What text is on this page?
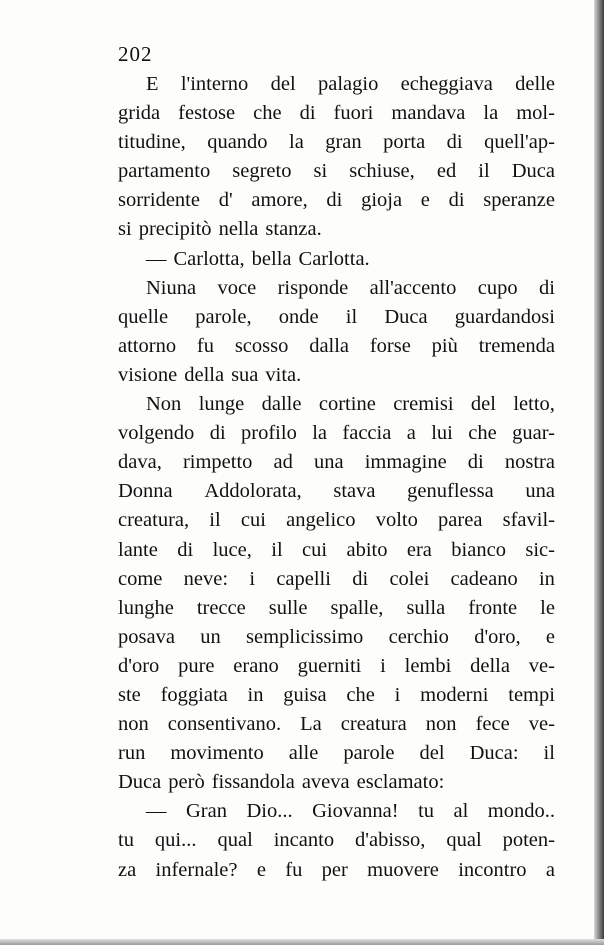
202
E l'interno del palagio echeggiava delle
grida festose che di fuori mandava la mol-
titudine, quando la gran porta di quell'ap-
partamento segreto si schiuse, ed il Duca
sorridente d' amore, di gioja e di speranze
si precipitò nella stanza.
— Carlotta, bella Carlotta.
Niuna voce risponde all'accento cupo di
quelle parole, onde il Duca guardandosi
attorno fu scosso dalla forse più tremenda
visione della sua vita.
Non lunge dalle cortine cremisi del letto,
volgendo di profilo la faccia a lui che guar-
dava, rimpetto ad una immagine di nostra
Donna Addolorata, stava genuflessa una
creatura, il cui angelico volto parea sfavil-
lante di luce, il cui abito era bianco sic-
come neve: i capelli di colei cadeano in
lunghe trecce sulle spalle, sulla fronte le
posava un semplicissimo cerchio d'oro, e
d'oro pure erano guerniti i lembi della ve-
ste foggiata in guisa che i moderni tempi
non consentivano. La creatura non fece ve-
run movimento alle parole del Duca: il
Duca però fissandola aveva esclamato:
— Gran Dio... Giovanna! tu al mondo..
tu qui... qual incanto d'abisso, qual poten-
za infernale? e fu per muovere incontro a
